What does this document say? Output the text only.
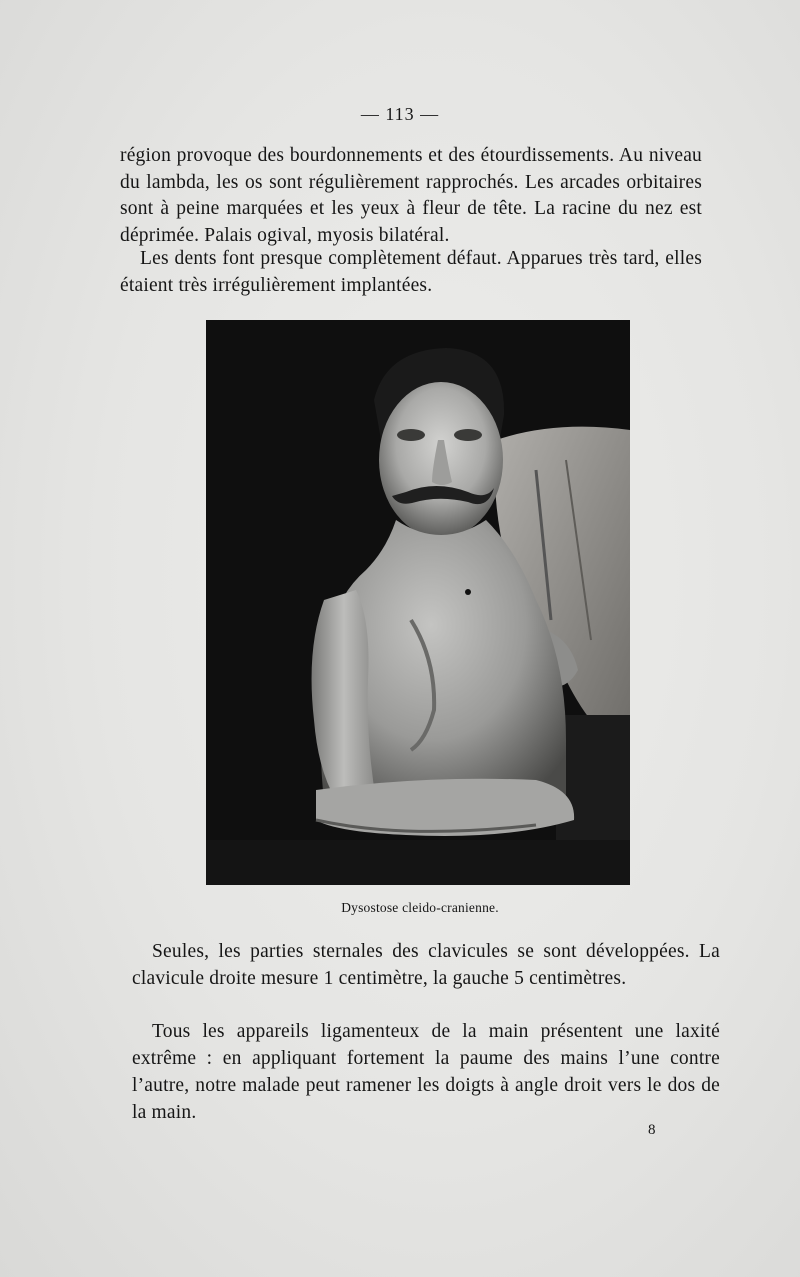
— 113 —

région provoque des bourdonnements et des étourdissements. Au niveau du lambda, les os sont régulièrement rapprochés. Les arcades orbitaires sont à peine marquées et les yeux à fleur de tête. La racine du nez est déprimée. Palais ogival, myosis bilatéral.

Les dents font presque complètement défaut. Apparues très tard, elles étaient très irrégulièrement implantées.

Dysostose cleido-cranienne.

Seules, les parties sternales des clavicules se sont développées. La clavicule droite mesure 1 centimètre, la gauche 5 centimètres.

Tous les appareils ligamenteux de la main présentent une laxité extrême : en appliquant fortement la paume des mains l’une contre l’autre, notre malade peut ramener les doigts à angle droit vers le dos de la main.

8
